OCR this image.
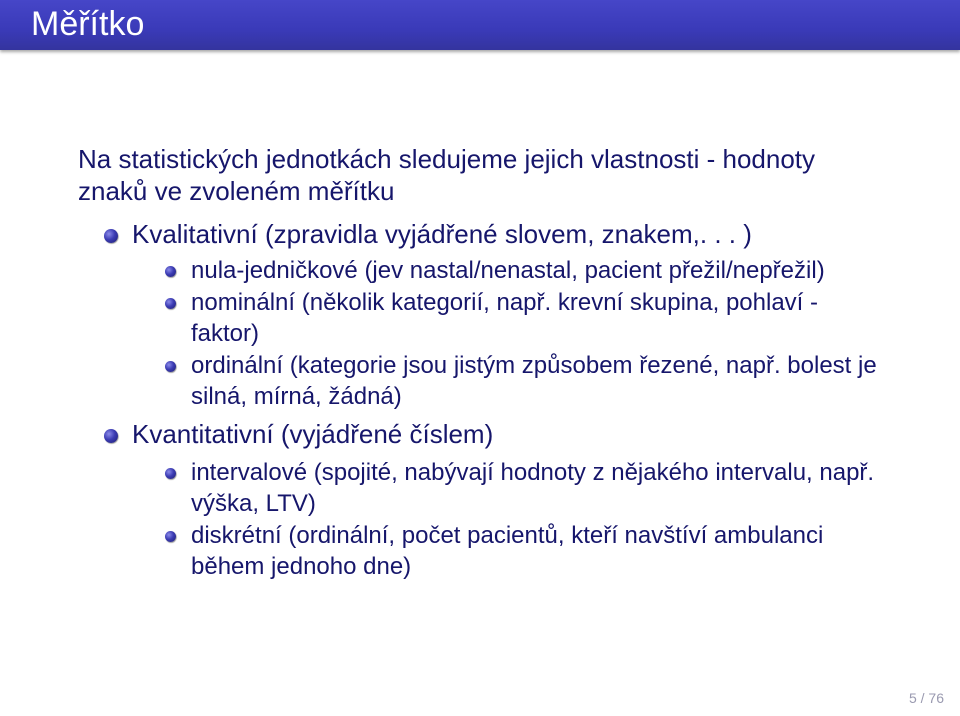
Měřítko
Na statistických jednotkách sledujeme jejich vlastnosti - hodnoty znaků ve zvoleném měřítku
Kvalitativní (zpravidla vyjádřené slovem, znakem,. . . )
nula-jedničkové (jev nastal/nenastal, pacient přežil/nepřežil)
nominální (několik kategorií, např. krevní skupina, pohlaví - faktor)
ordinální (kategorie jsou jistým způsobem řezené, např. bolest je silná, mírná, žádná)
Kvantitativní (vyjádřené číslem)
intervalové (spojité, nabývají hodnoty z nějakého intervalu, např. výška, LTV)
diskrétní (ordinální, počet pacientů, kteří navštíví ambulanci během jednoho dne)
5 / 76
